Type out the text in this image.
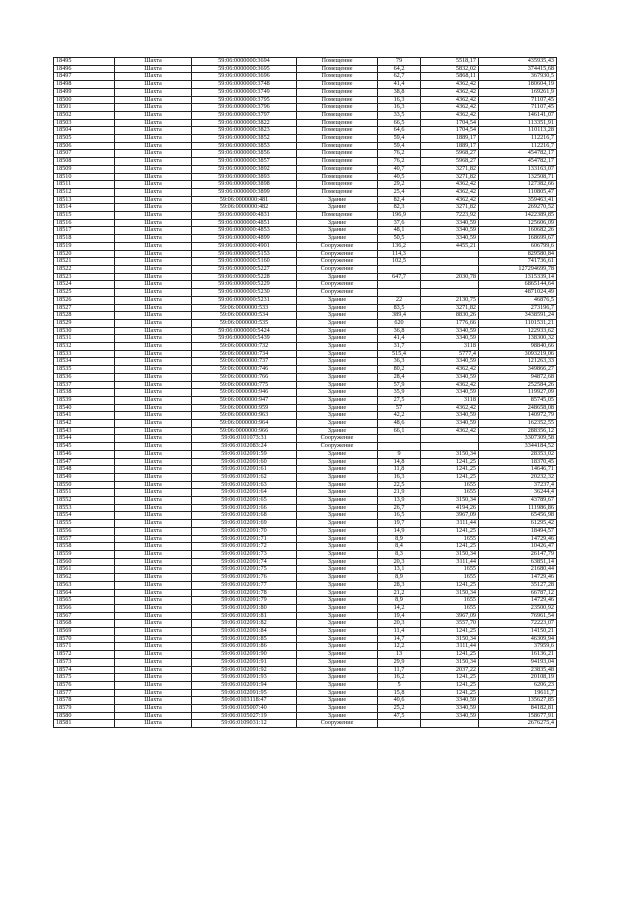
18495	Шахта	59:06:0000000:3694	Помещение	79	5518,17	435935,43
18496	Шахта	59:06:0000000:3695	Помещение	64,2	5832,02	374415,68
18497	Шахта	59:06:0000000:3696	Помещение	62,7	5868,11	367930,5
18498	Шахта	59:06:0000000:3748	Помещение	41,4	4362,42	180604,19
18499	Шахта	59:06:0000000:3749	Помещение	38,8	4362,42	169261,9
18500	Шахта	59:06:0000000:3795	Помещение	16,3	4362,42	71107,45
18501	Шахта	59:06:0000000:3796	Помещение	16,3	4362,42	71107,45
18502	Шахта	59:06:0000000:3797	Помещение	33,5	4362,42	146141,07
18503	Шахта	59:06:0000000:3822	Помещение	66,5	1704,54	113351,91
18504	Шахта	59:06:0000000:3823	Помещение	64,6	1704,54	110113,28
18505	Шахта	59:06:0000000:3852	Помещение	59,4	1889,17	112216,7
18506	Шахта	59:06:0000000:3853	Помещение	59,4	1889,17	112216,7
18507	Шахта	59:06:0000000:3856	Помещение	76,2	5968,27	454782,17
18508	Шахта	59:06:0000000:3857	Помещение	76,2	5968,27	454782,17
18509	Шахта	59:06:0000000:3892	Помещение	40,7	3271,82	133163,07
18510	Шахта	59:06:0000000:3893	Помещение	40,5	3271,82	132508,71
18511	Шахта	59:06:0000000:3898	Помещение	29,2	4362,42	127382,66
18512	Шахта	59:06:0000000:3899	Помещение	25,4	4362,42	110805,47
18513	Шахта	59:06:0000000:481	Здание	82,4	4362,42	359463,41
18514	Шахта	59:06:0000000:482	Здание	82,3	3271,82	269270,52
18515	Шахта	59:06:0000000:4831	Помещение	196,9	7223,92	1422389,85
18516	Шахта	59:06:0000000:4851	Здание	37,6	3340,59	125606,09
18517	Шахта	59:06:0000000:4853	Здание	48,1	3340,59	160682,26
18518	Шахта	59:06:0000000:4899	Здание	50,5	3340,59	168699,67
18519	Шахта	59:06:0000000:4901	Сооружение	136,2	4455,21	606799,6
18520	Шахта	59:06:0000000:5153	Сооружение	114,3		829580,84
18521	Шахта	59:06:0000000:5160	Сооружение	102,5		741736,61
18522	Шахта	59:06:0000000:5227	Сооружение			127294699,78
18523	Шахта	59:06:0000000:5228	Здание	647,7	2030,78	1315339,14
18524	Шахта	59:06:0000000:5229	Сооружение			6865144,64
18525	Шахта	59:06:0000000:5230	Сооружение			4871024,49
18526	Шахта	59:06:0000000:5231	Здание	22	2130,75	46876,5
18527	Шахта	59:06:0000000:533	Здание	83,5	3271,82	273196,7
18528	Шахта	59:06:0000000:534	Здание	389,4	8830,26	3438591,24
18529	Шахта	59:06:0000000:535	Здание	620	1776,66	1101531,21
18530	Шахта	59:06:0000000:5424	Здание	36,8	3340,59	122933,62
18531	Шахта	59:06:0000000:5439	Здание	41,4	3340,59	138300,32
18532	Шахта	59:06:0000000:732	Здание	31,7	3118	98840,66
18533	Шахта	59:06:0000000:734	Здание	515,4	5777,4	3093219,06
18534	Шахта	59:06:0000000:737	Здание	36,3	3340,59	121263,33
18535	Шахта	59:06:0000000:746	Здание	80,2	4362,42	349866,27
18536	Шахта	59:06:0000000:766	Здание	28,4	3340,59	94872,68
18537	Шахта	59:06:0000000:775	Здание	57,9	4362,42	252584,26
18538	Шахта	59:06:0000000:946	Здание	35,9	3340,59	119927,09
18539	Шахта	59:06:0000000:947	Здание	27,5	3118	85745,05
18540	Шахта	59:06:0000000:959	Здание	57	4362,42	248658,08
18541	Шахта	59:06:0000000:963	Здание	42,2	3340,59	140972,79
18542	Шахта	59:06:0000000:964	Здание	48,6	3340,59	162352,55
18543	Шахта	59:06:0000000:966	Здание	66,1	4362,42	288356,12
18544	Шахта	59:06:0101073:31	Сооружение			3307309,58
18545	Шахта	59:06:0102083:24	Сооружение			3344184,52
18546	Шахта	59:06:0102091:59	Здание	9	3150,34	28353,02
18547	Шахта	59:06:0102091:60	Здание	14,8	1241,25	18370,45
18548	Шахта	59:06:0102091:61	Здание	11,8	1241,25	14646,71
18549	Шахта	59:06:0102091:62	Здание	16,3	1241,25	20232,32
18550	Шахта	59:06:0102091:63	Здание	22,5	1655	37237,4
18551	Шахта	59:06:0102091:64	Здание	21,9	1655	36244,4
18552	Шахта	59:06:0102091:65	Здание	13,9	3150,34	43789,67
18553	Шахта	59:06:0102091:66	Здание	26,7	4194,26	111986,86
18554	Шахта	59:06:0102091:68	Здание	16,5	3967,09	65456,98
18555	Шахта	59:06:0102091:69	Здание	19,7	3111,44	61295,42
18556	Шахта	59:06:0102091:70	Здание	14,9	1241,25	18494,57
18557	Шахта	59:06:0102091:71	Здание	8,9	1655	14729,46
18558	Шахта	59:06:0102091:72	Здание	8,4	1241,25	10426,47
18559	Шахта	59:06:0102091:73	Здание	8,3	3150,34	26147,79
18560	Шахта	59:06:0102091:74	Здание	20,3	3111,44	63851,14
18561	Шахта	59:06:0102091:75	Здание	13,1	1655	21680,44
18562	Шахта	59:06:0102091:76	Здание	8,9	1655	14729,46
18563	Шахта	59:06:0102091:77	Здание	28,3	1241,25	35127,28
18564	Шахта	59:06:0102091:78	Здание	21,2	3150,34	66787,12
18565	Шахта	59:06:0102091:79	Здание	8,9	1655	14729,46
18566	Шахта	59:06:0102091:80	Здание	14,2	1655	23500,92
18567	Шахта	59:06:0102091:81	Здание	19,4	3967,09	76961,54
18568	Шахта	59:06:0102091:82	Здание	20,3	3557,70	72223,07
18569	Шахта	59:06:0102091:84	Здание	11,4	1241,25	14150,21
18570	Шахта	59:06:0102091:85	Здание	14,7	3150,34	46309,94
18571	Шахта	59:06:0102091:86	Здание	12,2	3111,44	37959,6
18572	Шахта	59:06:0102091:90	Здание	13	1241,25	16136,21
18573	Шахта	59:06:0102091:91	Здание	29,9	3150,34	94193,04
18574	Шахта	59:06:0102091:92	Здание	11,7	2037,22	23835,48
18575	Шахта	59:06:0102091:93	Здание	16,2	1241,25	20108,19
18576	Шахта	59:06:0102091:94	Здание	5	1241,25	6206,23
18577	Шахта	59:06:0102091:95	Здание	15,8	1241,25	19611,7
18578	Шахта	59:06:0103118:47	Здание	40,6	3340,59	135627,85
18579	Шахта	59:06:0105007:40	Здание	25,2	3340,59	84182,81
18580	Шахта	59:06:0105027:19	Здание	47,5	3340,59	158677,91
18581	Шахта	59:06:0109031:12	Сооружение			2676275,4
